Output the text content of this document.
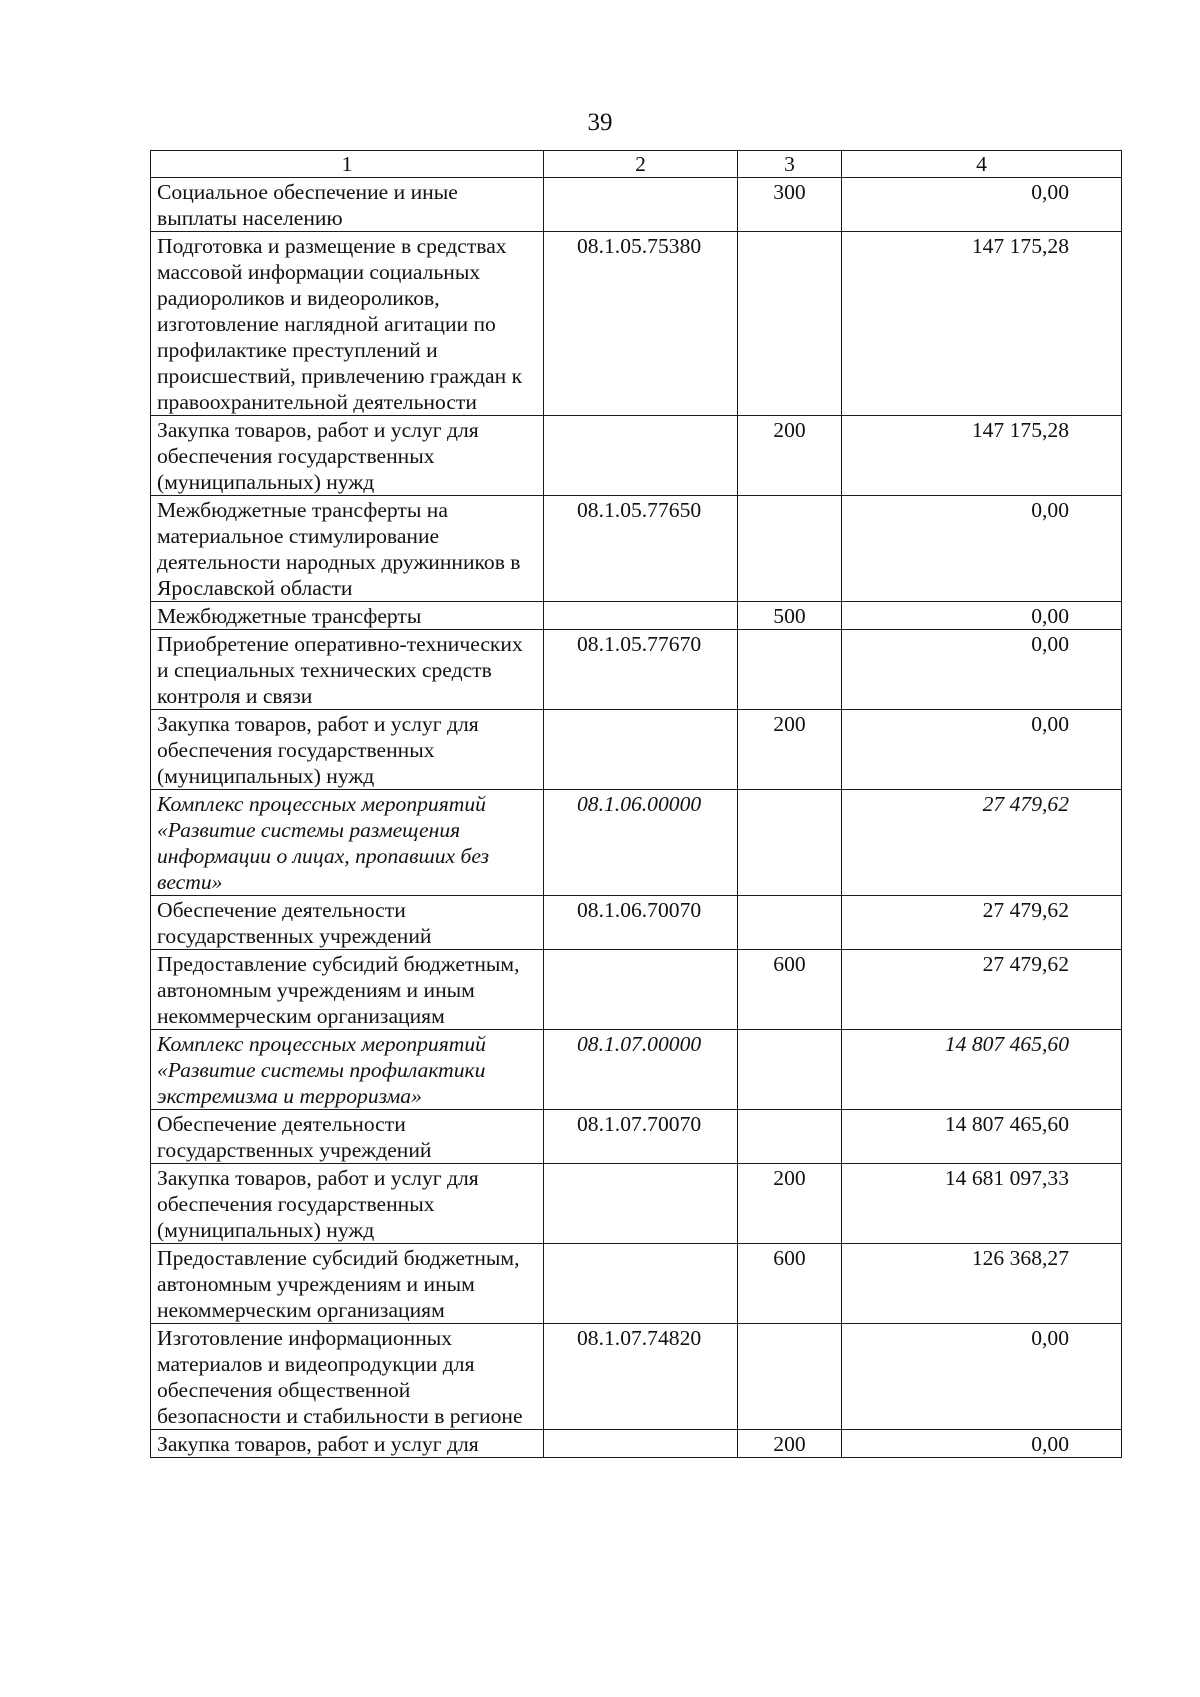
39
1	2	3	4
Социальное обеспечение и иные выплаты населению		300	0,00
Подготовка и размещение в средствах массовой информации социальных радиороликов и видеороликов, изготовление наглядной агитации по профилактике преступлений и происшествий, привлечению граждан к правоохранительной деятельности	08.1.05.75380		147 175,28
Закупка товаров, работ и услуг для обеспечения государственных (муниципальных) нужд		200	147 175,28
Межбюджетные трансферты на материальное стимулирование деятельности народных дружинников в Ярославской области	08.1.05.77650		0,00
Межбюджетные трансферты		500	0,00
Приобретение оперативно-технических и специальных технических средств контроля и связи	08.1.05.77670		0,00
Закупка товаров, работ и услуг для обеспечения государственных (муниципальных) нужд		200	0,00
Комплекс процессных мероприятий «Развитие системы размещения информации о лицах, пропавших без вести»	08.1.06.00000		27 479,62
Обеспечение деятельности государственных учреждений	08.1.06.70070		27 479,62
Предоставление субсидий бюджетным, автономным учреждениям и иным некоммерческим организациям		600	27 479,62
Комплекс процессных мероприятий «Развитие системы профилактики экстремизма и терроризма»	08.1.07.00000		14 807 465,60
Обеспечение деятельности государственных учреждений	08.1.07.70070		14 807 465,60
Закупка товаров, работ и услуг для обеспечения государственных (муниципальных) нужд		200	14 681 097,33
Предоставление субсидий бюджетным, автономным учреждениям и иным некоммерческим организациям		600	126 368,27
Изготовление информационных материалов и видеопродукции для обеспечения общественной безопасности и стабильности в регионе	08.1.07.74820		0,00
Закупка товаров, работ и услуг для		200	0,00
